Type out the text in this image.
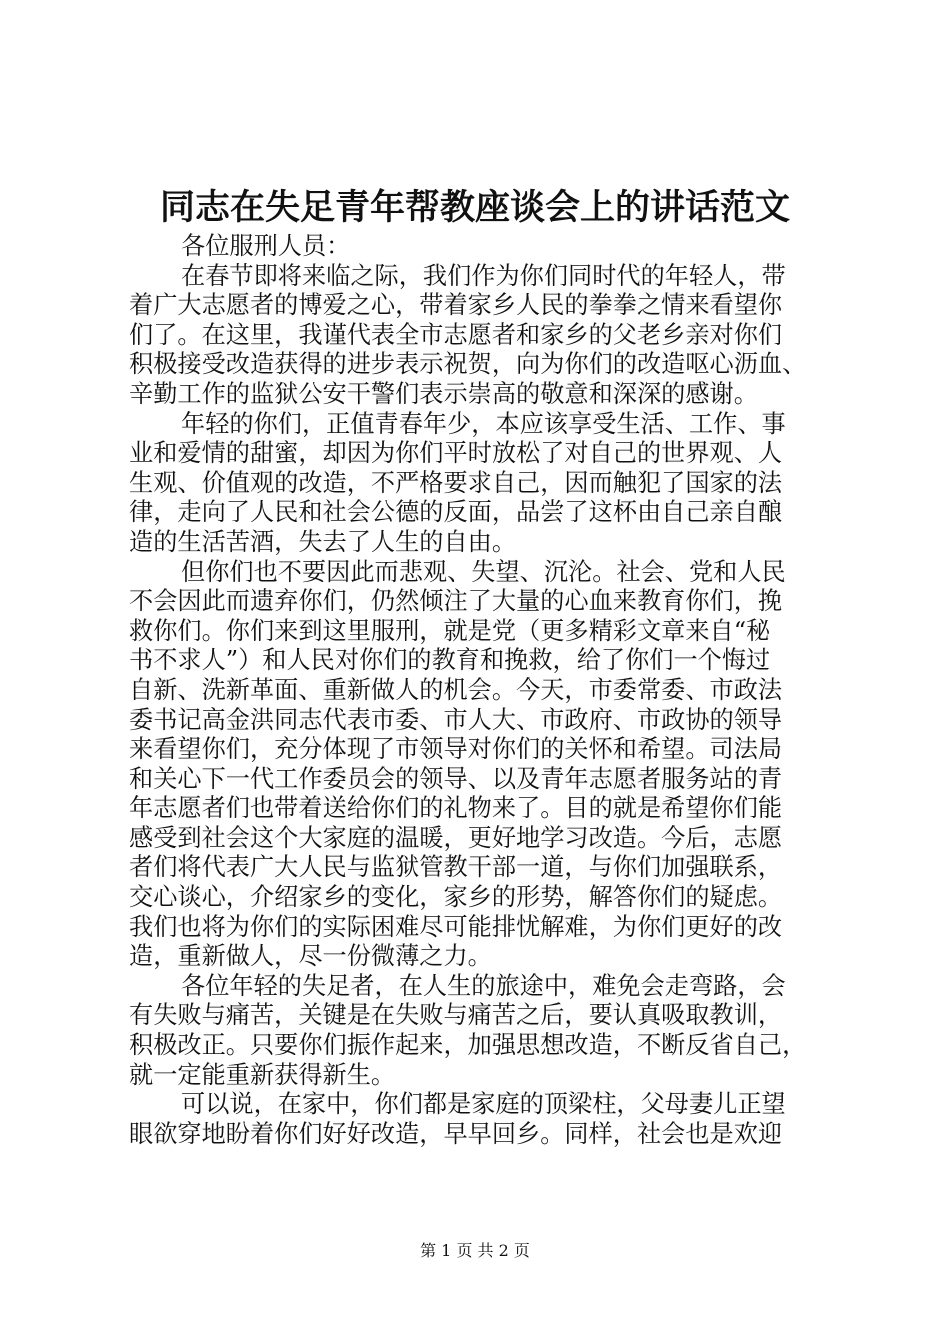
同志在失足青年帮教座谈会上的讲话范文
各位服刑人员：
在春节即将来临之际，我们作为你们同时代的年轻人，带
着广大志愿者的博爱之心，带着家乡人民的拳拳之情来看望你
们了。在这里，我谨代表全市志愿者和家乡的父老乡亲对你们
积极接受改造获得的进步表示祝贺，向为你们的改造呕心沥血、
辛勤工作的监狱公安干警们表示崇高的敬意和深深的感谢。
年轻的你们，正值青春年少，本应该享受生活、工作、事
业和爱情的甜蜜，却因为你们平时放松了对自己的世界观、人
生观、价值观的改造，不严格要求自己，因而触犯了国家的法
律，走向了人民和社会公德的反面，品尝了这杯由自己亲自酿
造的生活苦酒，失去了人生的自由。
但你们也不要因此而悲观、失望、沉沦。社会、党和人民
不会因此而遗弃你们，仍然倾注了大量的心血来教育你们，挽
救你们。你们来到这里服刑，就是党（更多精彩文章来自“秘
书不求人”）和人民对你们的教育和挽救，给了你们一个悔过
自新、洗新革面、重新做人的机会。今天，市委常委、市政法
委书记高金洪同志代表市委、市人大、市政府、市政协的领导
来看望你们，充分体现了市领导对你们的关怀和希望。司法局
和关心下一代工作委员会的领导、以及青年志愿者服务站的青
年志愿者们也带着送给你们的礼物来了。目的就是希望你们能
感受到社会这个大家庭的温暖，更好地学习改造。今后，志愿
者们将代表广大人民与监狱管教干部一道，与你们加强联系，
交心谈心，介绍家乡的变化，家乡的形势，解答你们的疑虑。
我们也将为你们的实际困难尽可能排忧解难，为你们更好的改
造，重新做人，尽一份微薄之力。
各位年轻的失足者，在人生的旅途中，难免会走弯路，会
有失败与痛苦，关键是在失败与痛苦之后，要认真吸取教训，
积极改正。只要你们振作起来，加强思想改造，不断反省自己，
就一定能重新获得新生。
可以说，在家中，你们都是家庭的顶梁柱，父母妻儿正望
眼欲穿地盼着你们好好改造，早早回乡。同样，社会也是欢迎
第 1 页 共 2 页
